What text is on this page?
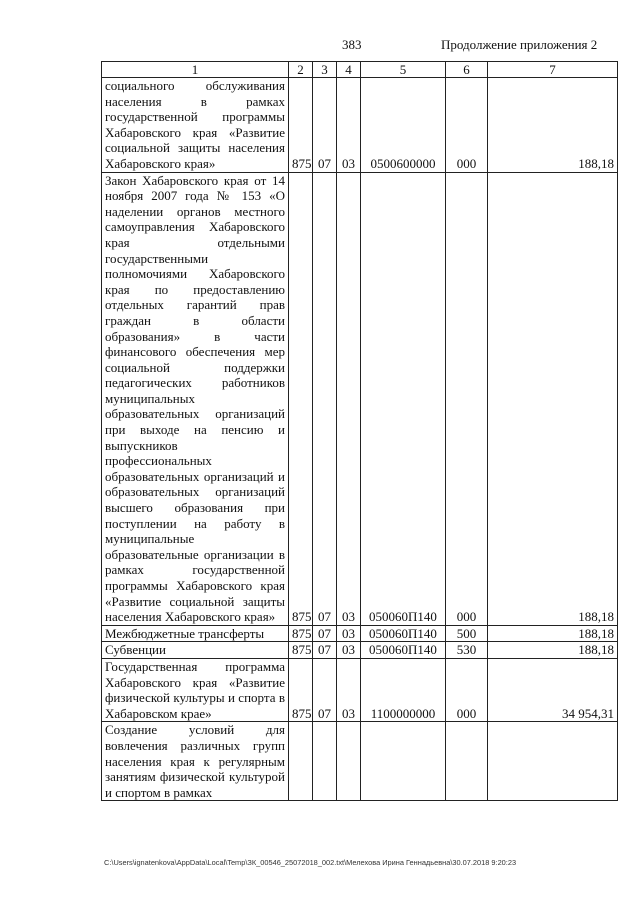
383	Продолжение приложения 2
1	2	3	4	5	6	7
социального обслуживания населения в рамках государственной программы Хабаровского края «Развитие социальной защиты населения Хабаровского края»	875	07	03	0500600000	000	188,18
Закон Хабаровского края от 14 ноября 2007 года № 153 «О наделении органов местного самоуправления Хабаровского края отдельными государственными полномочиями Хабаровского края по предоставлению отдельных гарантий прав граждан в области образования» в части финансового обеспечения мер социальной поддержки педагогических работников муниципальных образовательных организаций при выходе на пенсию и выпускников профессиональных образовательных организаций и образовательных организаций высшего образования при поступлении на работу в муниципальные образовательные организации в рамках государственной программы Хабаровского края «Развитие социальной защиты населения Хабаровского края»	875	07	03	050060П140	000	188,18
Межбюджетные трансферты	875	07	03	050060П140	500	188,18
Субвенции	875	07	03	050060П140	530	188,18
Государственная программа Хабаровского края «Развитие физической культуры и спорта в Хабаровском крае»	875	07	03	1100000000	000	34 954,31
Создание условий для вовлечения различных групп населения края к регулярным занятиям физической культурой и спортом в рамках						
C:\Users\ignatenkova\AppData\Local\Temp\ЗК_00546_25072018_002.txt\Мелехова Ирина Геннадьевна\30.07.2018 9:20:23
